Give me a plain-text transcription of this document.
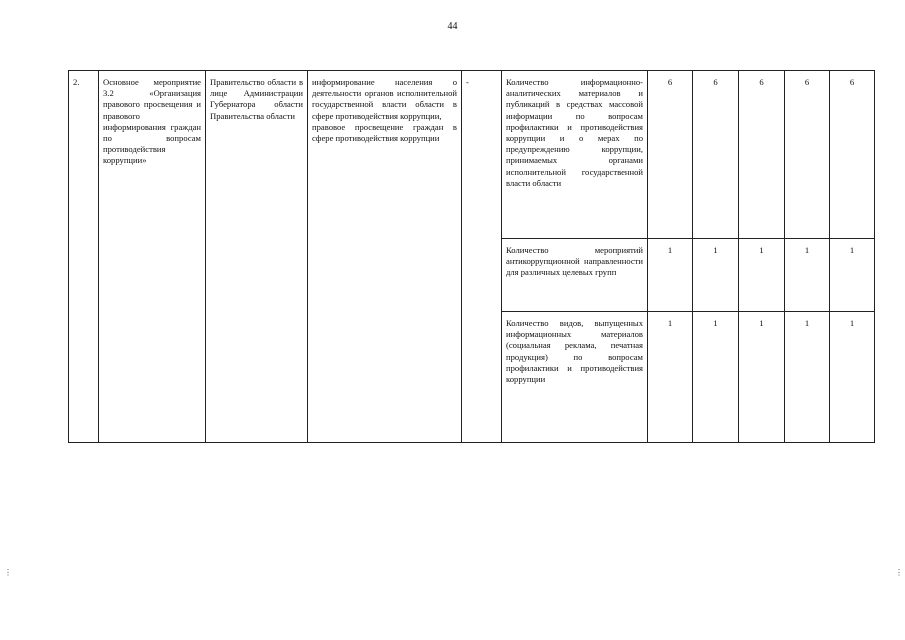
44
2.	Основное мероприятие 3.2 «Организация правового просвещения и правового информирования граждан по вопросам противодействия коррупции»	Правительство области в лице Администрации Губернатора области Правительства области	информирование населения о деятельности органов исполнительной государственной власти области в сфере противодействия коррупции,
правовое просвещение граждан в сфере противодействия коррупции	-	Количество информационно-аналитических материалов и публикаций в средствах массовой информации по вопросам профилактики и противодействия коррупции и о мерах по предупреждению коррупции, принимаемых органами исполнительной государственной власти области	6	6	6	6	6
					Количество мероприятий антикоррупционной направленности для различных целевых групп	1	1	1	1	1
					Количество видов, выпущенных информационных материалов (социальная реклама, печатная продукция) по вопросам профилактики и противодействия коррупции	1	1	1	1	1
⋮	⋮
